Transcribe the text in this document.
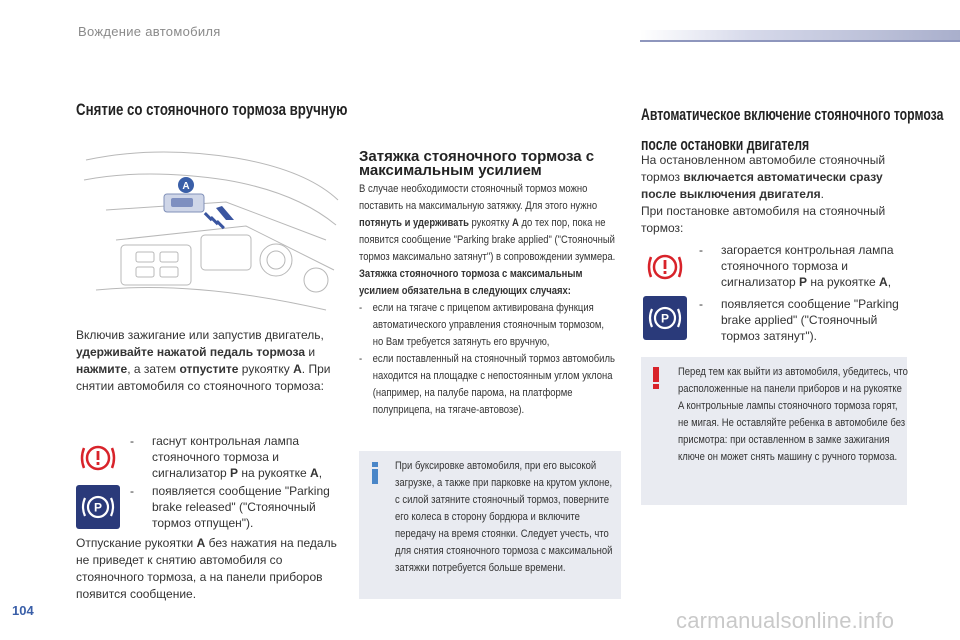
Вождение автомобиля
Снятие со стояночного тормоза вручную
A
Включив зажигание или запустив двигатель, удерживайте нажатой педаль тормоза и нажмите, а затем отпустите рукоятку A. При снятии автомобиля со стояночного тормоза:
- гаснут контрольная лампа стояночного тормоза и сигнализатор P на рукоятке A,
P
- появляется сообщение "Parking brake released" ("Стояночный тормоз отпущен").
Отпускание рукоятки A без нажатия на педаль не приведет к снятию автомобиля со стояночного тормоза, а на панели приборов появится сообщение.
Затяжка стояночного тормоза с максимальным усилием
В случае необходимости стояночный тормоз можно поставить на максимальную затяжку. Для этого нужно потянуть и удерживать рукоятку A до тех пор, пока не появится сообщение "Parking brake applied" ("Стояночный тормоз максимально затянут") в сопровождении зуммера.
Затяжка стояночного тормоза с максимальным усилием обязательна в следующих случаях:
-    если на тягаче с прицепом активирована функция автоматического управления стояночным тормозом, но Вам требуется затянуть его вручную,
-    если поставленный на стояночный тормоз автомобиль находится на площадке с непостоянным углом уклона (например, на палубе парома, на платформе полуприцепа, на тягаче-автовозе).
При буксировке автомобиля, при его высокой загрузке, а также при парковке на крутом уклоне, с силой затяните стояночный тормоз, поверните его колеса в сторону бордюра и включите передачу на время стоянки. Следует учесть, что для снятия стояночного тормоза с максимальной затяжки потребуется больше времени.
Автоматическое включение стояночного тормоза
после остановки двигателя
На остановленном автомобиле стояночный тормоз включается автоматически сразу после выключения двигателя.
При постановке автомобиля на стояночный тормоз:
- загорается контрольная лампа стояночного тормоза и сигнализатор P на рукоятке A,
P
- появляется сообщение "Parking brake applied" ("Стояночный тормоз затянут").
Перед тем как выйти из автомобиля, убедитесь, что расположенные на панели приборов и на рукоятке A контрольные лампы стояночного тормоза горят, не мигая. Не оставляйте ребенка в автомобиле без присмотра: при оставленном в замке зажигания ключе он может снять машину с ручного тормоза.
104	carmanualsonline.info
